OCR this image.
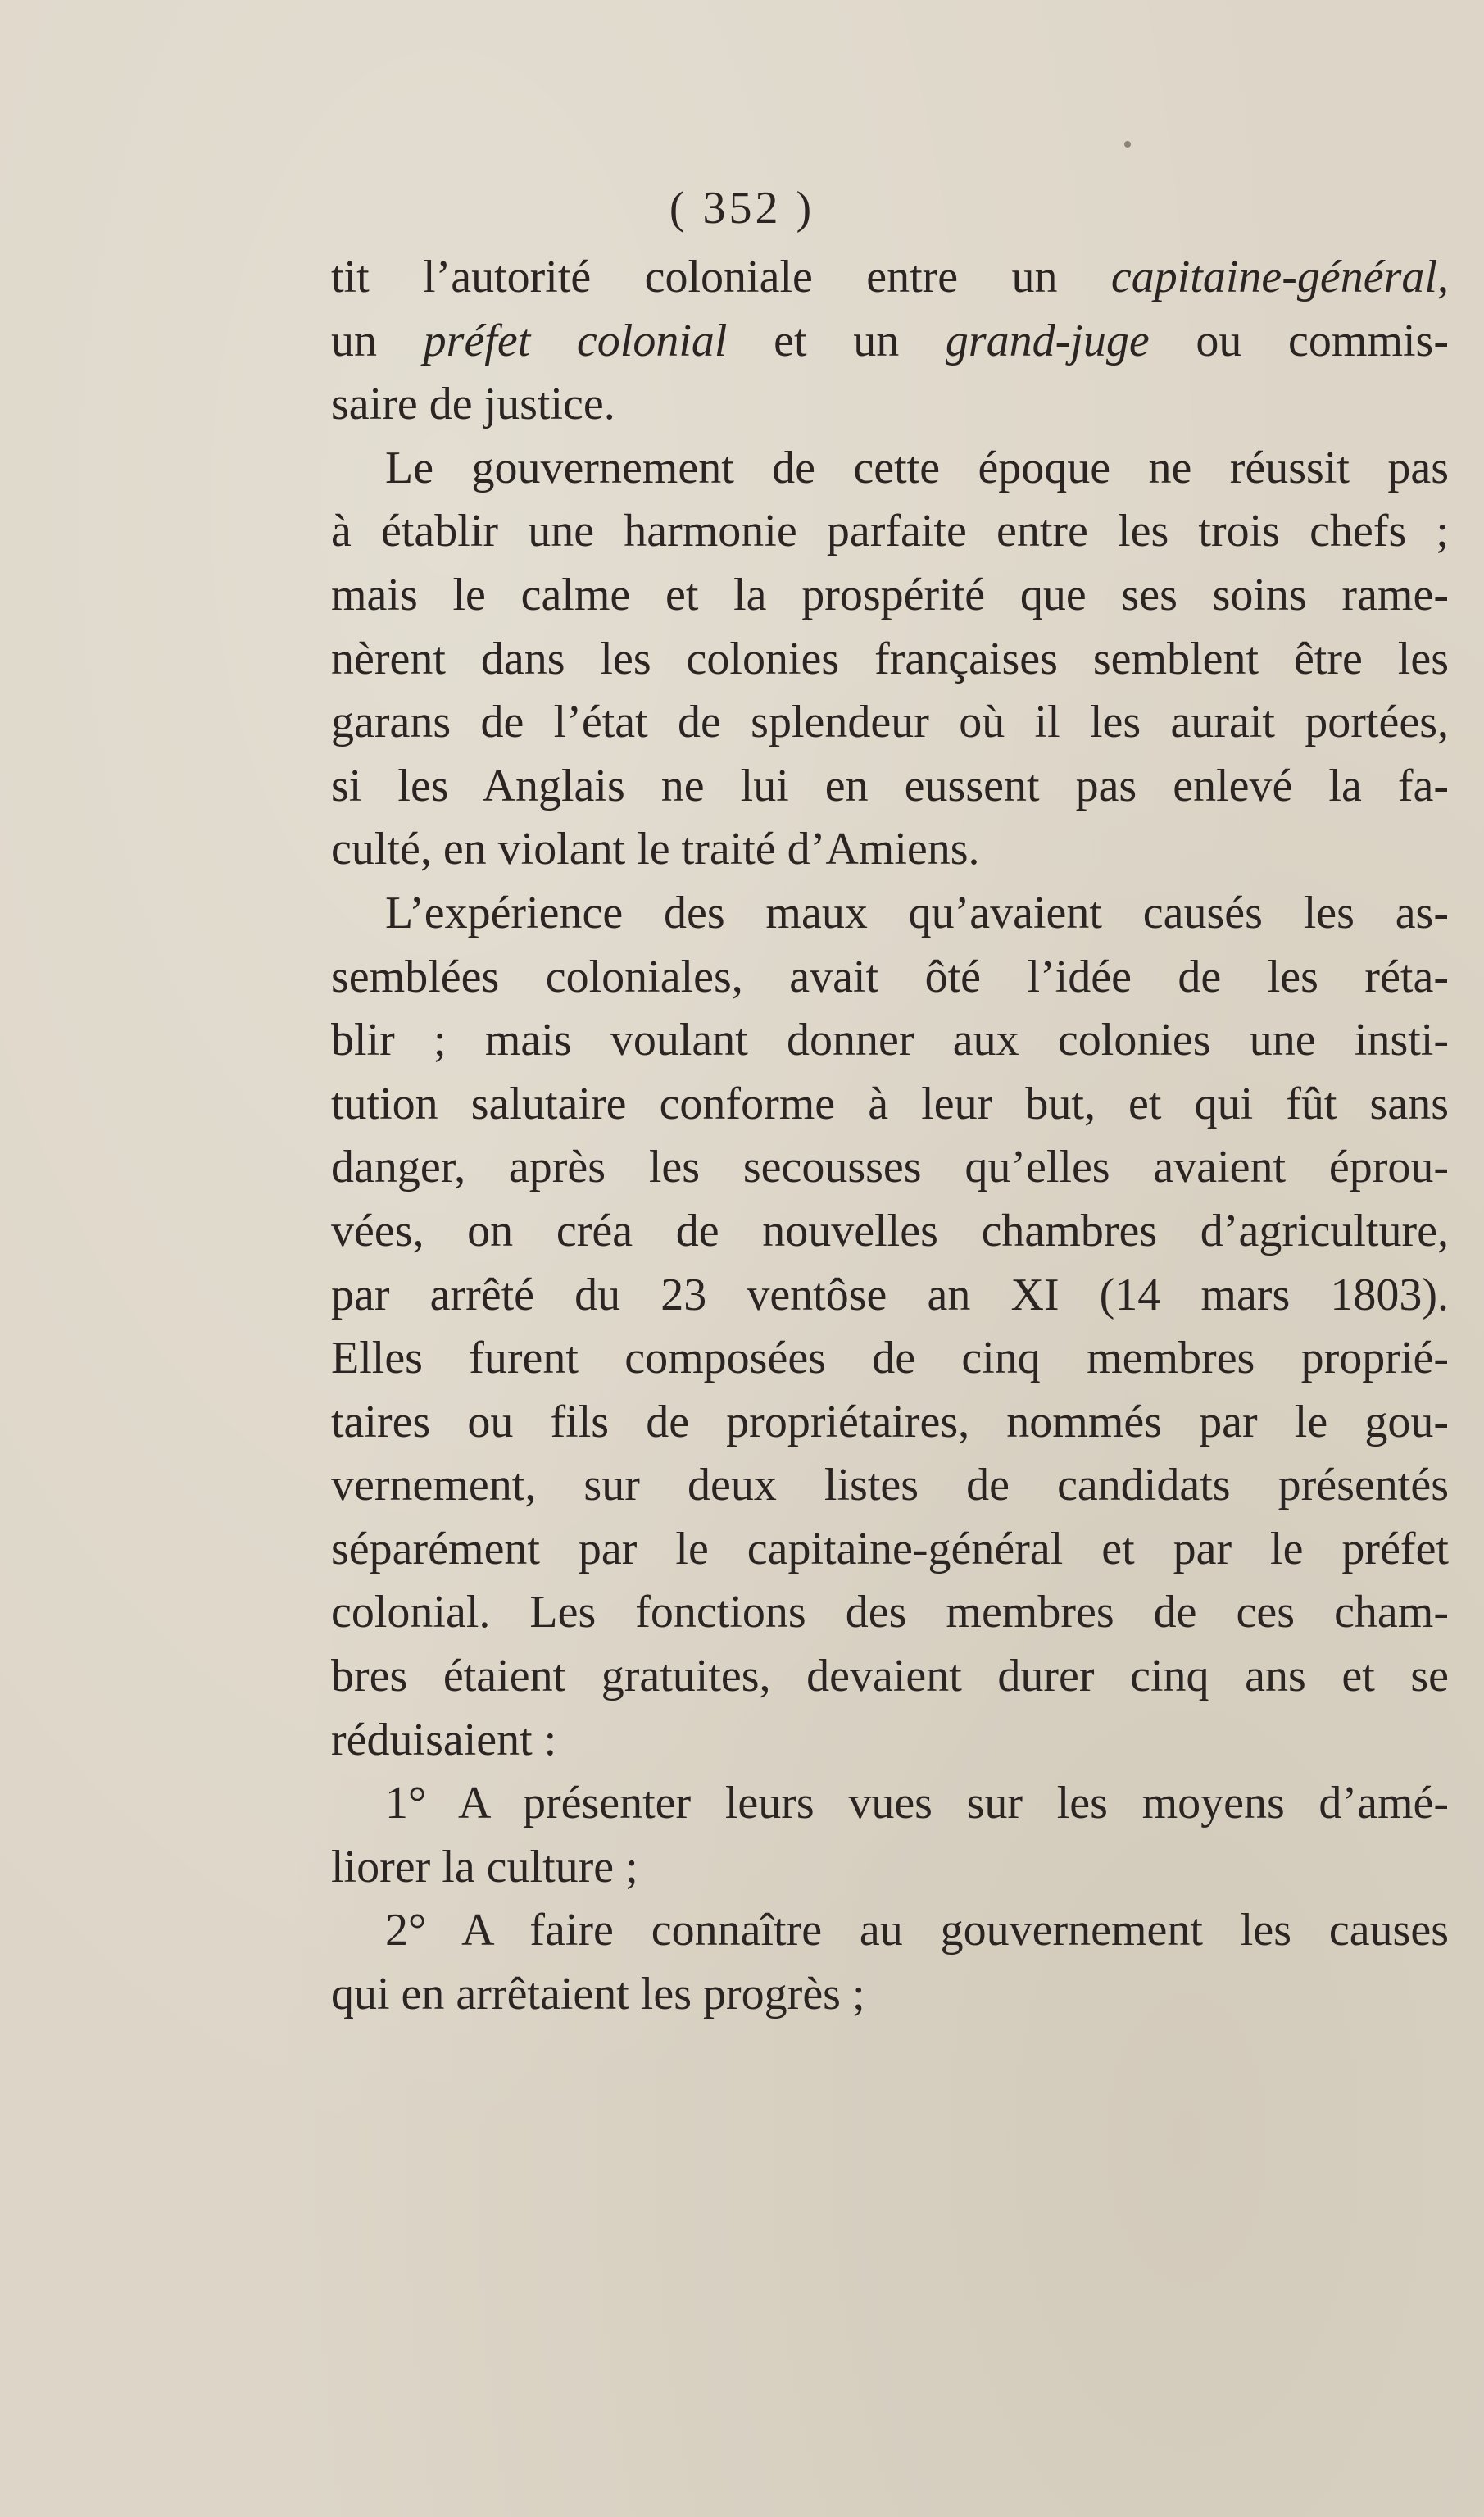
( 352 )
tit l’autorité coloniale entre un capitaine-général,
un préfet colonial et un grand-juge ou commis-
saire de justice.
Le gouvernement de cette époque ne réussit pas
à établir une harmonie parfaite entre les trois chefs ;
mais le calme et la prospérité que ses soins rame-
nèrent dans les colonies françaises semblent être les
garans de l’état de splendeur où il les aurait portées,
si les Anglais ne lui en eussent pas enlevé la fa-
culté, en violant le traité d’Amiens.
L’expérience des maux qu’avaient causés les as-
semblées coloniales, avait ôté l’idée de les réta-
blir ; mais voulant donner aux colonies une insti-
tution salutaire conforme à leur but, et qui fût sans
danger, après les secousses qu’elles avaient éprou-
vées, on créa de nouvelles chambres d’agriculture,
par arrêté du 23 ventôse an XI (14 mars 1803).
Elles furent composées de cinq membres proprié-
taires ou fils de propriétaires, nommés par le gou-
vernement, sur deux listes de candidats présentés
séparément par le capitaine-général et par le préfet
colonial. Les fonctions des membres de ces cham-
bres étaient gratuites, devaient durer cinq ans et se
réduisaient :
1° A présenter leurs vues sur les moyens d’amé-
liorer la culture ;
2° A faire connaître au gouvernement les causes
qui en arrêtaient les progrès ;
